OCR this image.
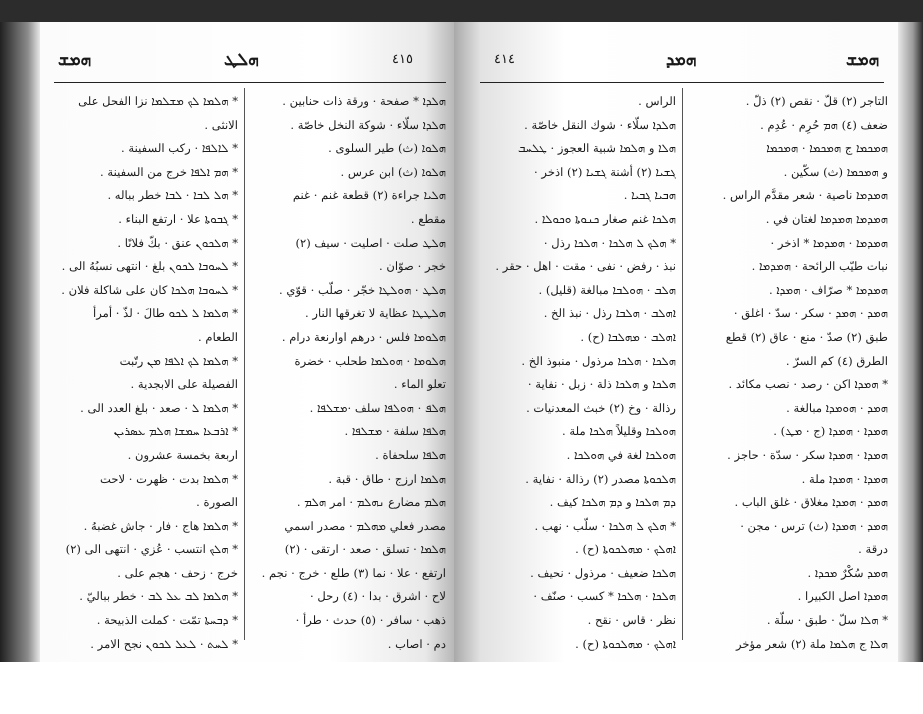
ܗܡܫ	ܗܠܛ	٤١٥
ܗܠܕܐ * صفحة · ورقة ذات حنابين .
ܗܠܕܐ سلّاء · شوكة النخل خاصّة .
ܗܠܘܐ (ث) طير السلوى .
ܗܠܘܐ (ث) ابن عرس .
ܗܠܝܐ جراءة (٢) قطعة غنم · غنم
مقطع .
ܗܠܛ صلت · اصليت · سيف (٢)
خجر · صوّان .
ܗܠܛ · ܗܘܠܛܐ خجّر · صلّب · قوّي .
ܗܠܛܛܐ عظاية لا تغرقها النار .
ܗܠܘܡܐ فلس · درهم اوارنعة درام .
ܗܠܘܡܐ · ܗܘܠܡܐ طحلب · خضرة
تعلو الماء .
ܗܠܦ · ܗܘܠܦܐ سلف ·ܡܫܠܦܐ .
ܗܠܦܐ سلفة · ܡܫܠܦܐ .
ܗܠܦܐ سلحفاة .
ܗܠܡܐ ارزج · طاق · قبة .
ܗܠܡ مضارع ܢܗܠܡ · امر ܗܠܡ .
مصدر فعلي ܡܗܠܡ · مصدر اسمي
ܗܠܡܐ · تسلق · صعد · ارتقى · (٢)
ارتفع · علا · نما (٣) طلع · خرج · نجم .
لاح · اشرق · بدا · (٤) رحل ·
ذهب · سافر · (٥) حدث · طرأ ·
دم · اصاب .
* ܗܠܡܐ ܠܟ ܡܫܠܡܐ نزا الفحل على
الانثى .
* ܠܐܠܦܐ · ركب السفينة .
* ܗܡ ܐܠܦܐ خرج من السفينة .
* ܗܠ ܠܒܐ · ܠܒܐ خطر بباله .
* ܓܒܘܬܐ علا · ارتفع البناء .
* ܗܠܟܘܢ عنق · بكّ فلانًا .
* ܠܚܘܒܐ ܠܟܘܢ بلغ · انتهى نسبُهُ الى .
* ܠܚܘܒܐ ܗܠܟܐ كان على شاكلة فلان .
* ܗܠܡܐ ܠ ܠܟܘ طالَ · لذّ · أمرأ
الطعام .
* ܗܠܡܐ ܠܟ ܐܠܦܐ ܡܢ رتّبت
الفصيلة على الابجدية .
* ܗܠܡܐ ܠ · صعد · بلغ العدد الى .
* ܐܪܒܥܐ ܚܡܫܐ ܗܠܡ ܥܣܪܝܢ
اربعة بخمسة عشرون .
* ܗܠܡܐ بدت · ظهرت · لاحت
الصورة .
* ܗܠܡܐ هاج · فار · جاش غضبهُ .
* ܗܠܟ انتسب · عُزي · انتهى الى (٢)
خرج · زحف · هجم على .
* ܗܠܡܐ ܠܒ ܥܠ ܠܒ · خطر بباليّ .
* ܕܒܚܬܐ تمّت · كملت الذبيحة .
* ܠܚܬ · ܠܥܠ ܠܟܘܢ نجح الامر .
٤١٤	ܗܡܕ	ܗܡܫ
التاجر (٢) قلّ · نقص (٢) ذلّ .
ضعف (٤) ܗܡ حُرِم · عُدِم .
ܗܡܟܡܐ ج ܗܡܟܡܐ · ܗܡܟܡܐ
و ܗܡܟܡܐ (ث) سكّين .
ܗܡܕܡܐ ناصية · شعر مقدَّم الراس .
ܗܡܕܡܐ ܗܡܕܡܐ لغتان في .
ܗܡܕܡܐ · ܗܡܕܡܐ * اذخر ·
نبات طيّب الرائحة · ܗܡܕܡܐ .
ܗܡܕܡܐ * صرّاف · ܗܡܕܐ .
ܗܡܕ · ܗܡܕ · سكر · سدّ · اغلق ·
طبق (٢) صدّ · منع · عاق (٢) قطع
الطرق (٤) كم السرّ .
* ܗܡܕܐ اكن · رصد · نصب مكائد .
ܗܡܕ · ܗܘܡܕܐ مبالغة .
ܗܡܕܐ · ܗܡܕܐ (ج · ܡܛ) .
ܗܡܕܐ · ܗܡܕܐ سكر · سدّة · حاجز .
ܗܡܕܐ · ܗܡܕܐ ملة .
ܗܡܕ · ܗܡܕܐ مغلاق · غلق الباب .
ܗܡܕ · ܗܡܕܐ (ث) ترس · مجن ·
درقة .
ܗܡܕ سُكْرٌ ܡܟܕܐ .
ܗܡܕܐ اصل الكبيرا .
* ܗܠܐ سلّ · طبق · سلّة .
ܗܠܐ ج ܗܠܡܐ ملة (٢) شعر مؤخر
الراس .
ܗܠܕܐ سلّاء · شوك النقل خاصّة .
ܗܠܐ و ܗܠܡܐ شبية العجوز · ܛܠܚܒ
ܓܫܝܐ (٢) أشنة ܓܫܝܐ (٢) اذخر ·
ܗܒܝܐ ܓܒܝܐ .
ܗܠܟܐ غنم صغار ܟܢܘܬܐ ܘܟܘܠܐ .
* ܗܠܟ ܠ ܗܠܟܐ · ܗܠܟܐ رذل ·
نبذ · رفض · نفى · مقت · اهل · حقر .
ܗܠܒ · ܗܘܠܒܐ مبالغة (قليل) .
ܐܗܠܒ · ܗܠܒܐ رذل · نبذ الخ .
ܐܗܠܒ · ܡܗܠܒܐ (ح) .
ܗܠܟܐ · ܗܠܟܐ مرذول · منبوذ الخ .
ܗܠܟܐ و ܗܠܟܐ ذلة · زبل · نفاية ·
رذالة · وخ (٢) خبث المعدنيات .
ܗܘܠܟܐ وقليلاً ܗܠܟܐ ملة .
ܗܘܠܟܐ لغة في ܗܘܠܟܐ .
ܗܠܟܘܬܐ مصدر (٢) رذالة · نفاية .
ܕܡ ܗܠܟܐ و ܕܡ ܗܠܟܐ كيف .
* ܗܠܟ ܠ ܗܠܟܐ · سلّب · نهب .
ܐܗܠܟ · ܡܗܠܟܘܬܐ (ح) .
ܗܠܟܐ ضعيف · مرذول · نحيف .
ܗܠܟܐ · ܗܠܟܐ * كسب · صنّف ·
نظر · قاس · نقح .
ܐܗܠܟ · ܡܗܠܟܘܬܐ (ح) .
